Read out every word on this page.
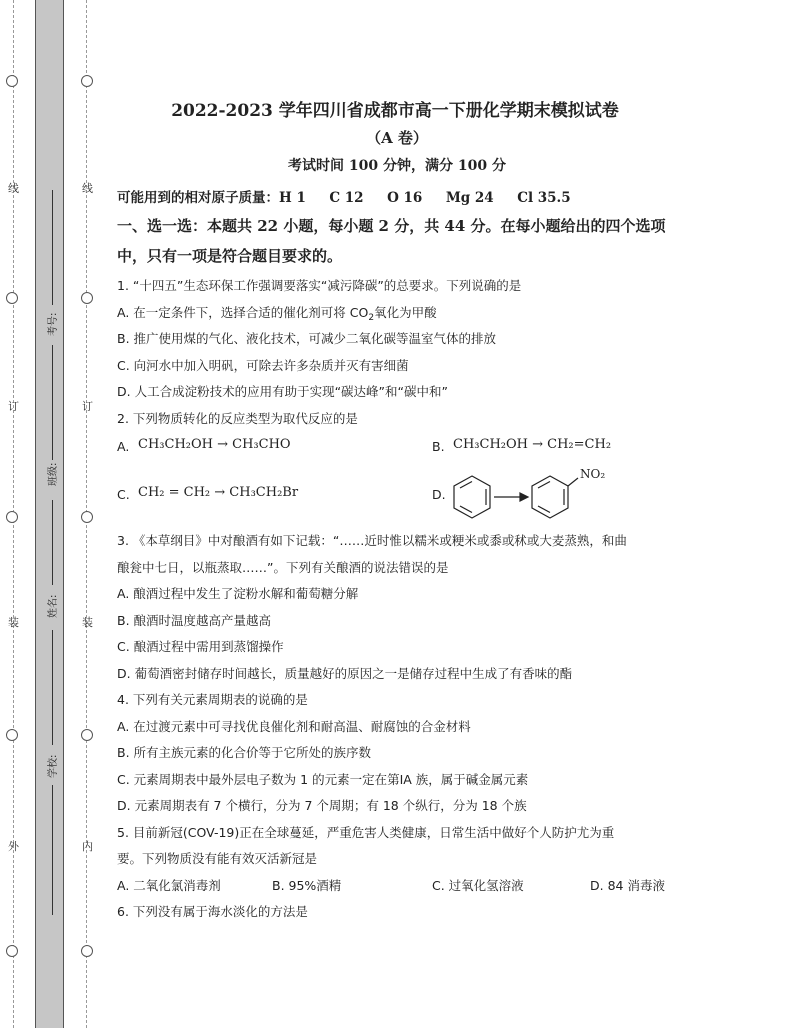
线
订
装
外
线
订
装
内
考号:
班级:
姓名:
学校:
2022-2023 学年四川省成都市高一下册化学期末模拟试卷
（A 卷）
考试时间 100 分钟，满分 100 分
可能用到的相对原子质量：H 1     C 12     O 16     Mg 24     Cl 35.5
一、选一选：本题共 22 小题，每小题 2 分，共 44 分。在每小题给出的四个选项
中，只有一项是符合题目要求的。
1. “十四五”生态环保工作强调要落实“减污降碳”的总要求。下列说确的是
A. 在一定条件下，选择合适的催化剂可将 $CO_2$氧化为甲酸
B. 推广使用煤的气化、液化技术，可减少二氧化碳等温室气体的排放
C. 向河水中加入明矾，可除去许多杂质并灭有害细菌
D. 人工合成淀粉技术的应用有助于实现“碳达峰”和“碳中和”
2. 下列物质转化的反应类型为取代反应的是
A. CH₃CH₂OH → CH₃CHO	B. CH₃CH₂OH → CH₂=CH₂
C. CH₂ = CH₂ → CH₃CH₂Br	D.
NO₂
3. 《本草纲目》中对酿酒有如下记载：“……近时惟以糯米或粳米或黍或秫或大麦蒸熟，和曲
酿瓮中七日，以瓶蒸取……”。下列有关酿酒的说法错误的是
A. 酿酒过程中发生了淀粉水解和葡萄糖分解
B. 酿酒时温度越高产量越高
C. 酿酒过程中需用到蒸馏操作
D. 葡萄酒密封储存时间越长，质量越好的原因之一是储存过程中生成了有香味的酯
4. 下列有关元素周期表的说确的是
A. 在过渡元素中可寻找优良催化剂和耐高温、耐腐蚀的合金材料
B. 所有主族元素的化合价等于它所处的族序数
C. 元素周期表中最外层电子数为 1 的元素一定在第ⅠA 族，属于碱金属元素
D. 元素周期表有 7 个横行，分为 7 个周期；有 18 个纵行，分为 18 个族
5. 目前新冠(COV-19)正在全球蔓延，严重危害人类健康，日常生活中做好个人防护尤为重
要。下列物质没有能有效灭活新冠是
A. 二氧化氯消毒剂	B. 95%酒精	C. 过氧化氢溶液	D. 84 消毒液
6. 下列没有属于海水淡化的方法是
